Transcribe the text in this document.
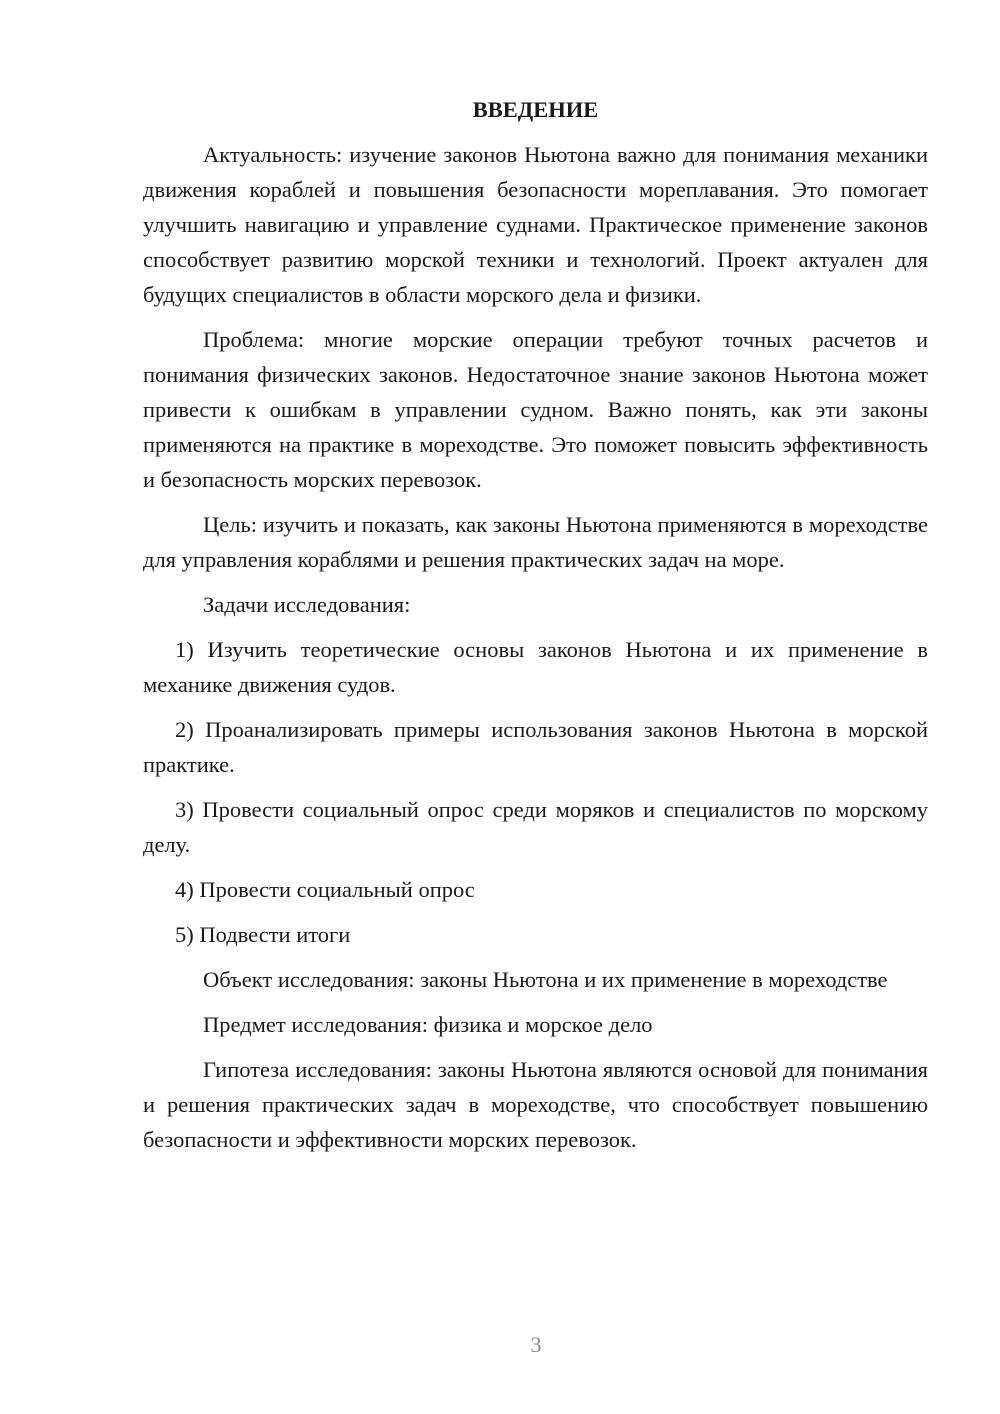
ВВЕДЕНИЕ

Актуальность: изучение законов Ньютона важно для понимания механики движения кораблей и повышения безопасности мореплавания. Это помогает улучшить навигацию и управление суднами. Практическое применение законов способствует развитию морской техники и технологий. Проект актуален для будущих специалистов в области морского дела и физики.

Проблема: многие морские операции требуют точных расчетов и понимания физических законов. Недостаточное знание законов Ньютона может привести к ошибкам в управлении судном. Важно понять, как эти законы применяются на практике в мореходстве. Это поможет повысить эффективность и безопасность морских перевозок.

Цель: изучить и показать, как законы Ньютона применяются в мореходстве для управления кораблями и решения практических задач на море.

Задачи исследования:

1) Изучить теоретические основы законов Ньютона и их применение в механике движения судов.

2) Проанализировать примеры использования законов Ньютона в морской практике.

3) Провести социальный опрос среди моряков и специалистов по морскому делу.

4) Провести социальный опрос

5) Подвести итоги

Объект исследования: законы Ньютона и их применение в мореходстве

Предмет исследования: физика и морское дело

Гипотеза исследования: законы Ньютона являются основой для понимания и решения практических задач в мореходстве, что способствует повышению безопасности и эффективности морских перевозок.

3
